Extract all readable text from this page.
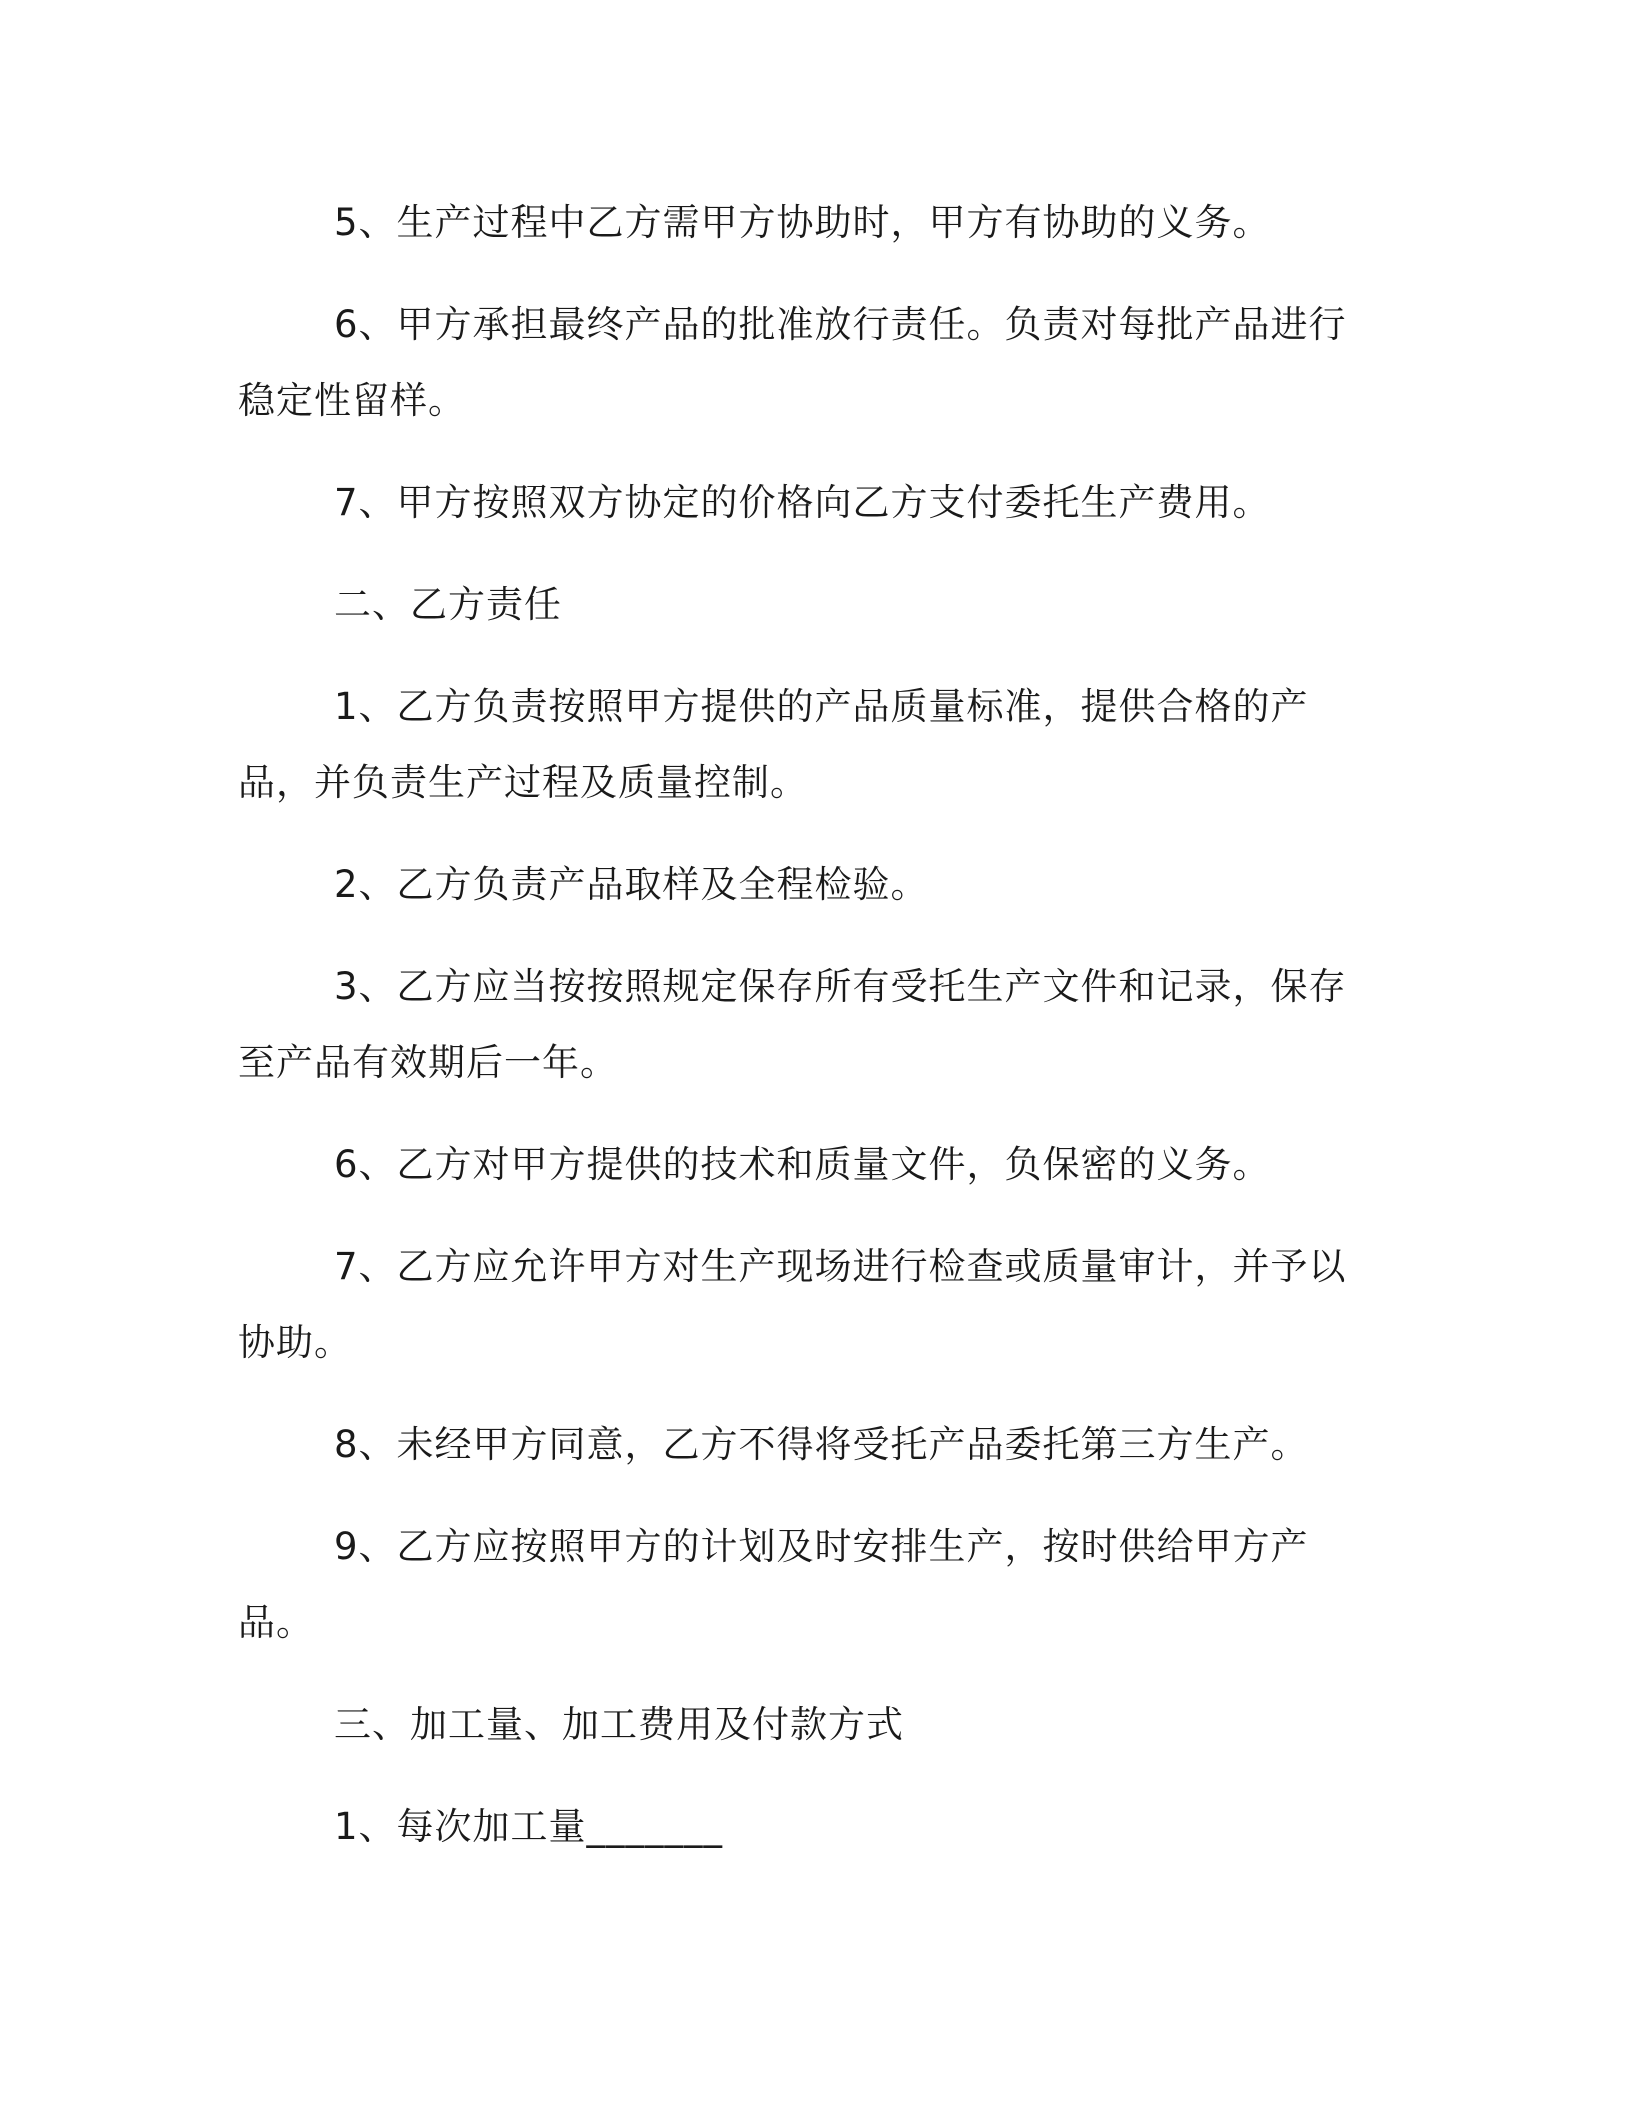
5、生产过程中乙方需甲方协助时，甲方有协助的义务。

6、甲方承担最终产品的批准放行责任。负责对每批产品进行稳定性留样。

7、甲方按照双方协定的价格向乙方支付委托生产费用。

二、乙方责任

1、乙方负责按照甲方提供的产品质量标准，提供合格的产品，并负责生产过程及质量控制。

2、乙方负责产品取样及全程检验。

3、乙方应当按按照规定保存所有受托生产文件和记录，保存至产品有效期后一年。

6、乙方对甲方提供的技术和质量文件，负保密的义务。

7、乙方应允许甲方对生产现场进行检查或质量审计，并予以协助。

8、未经甲方同意，乙方不得将受托产品委托第三方生产。

9、乙方应按照甲方的计划及时安排生产，按时供给甲方产品。

三、加工量、加工费用及付款方式

1、每次加工量_______
